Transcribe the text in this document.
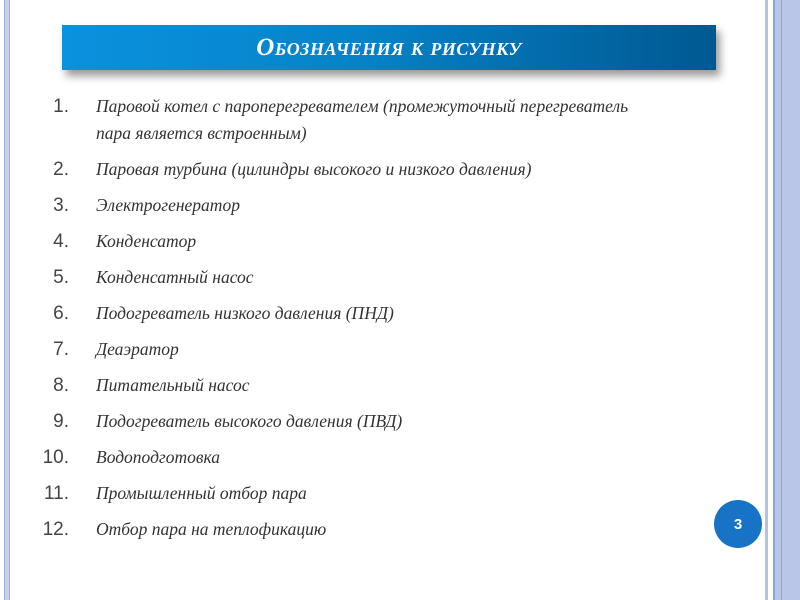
Обозначения к рисунку
1.	Паровой котел с пароперегревателем (промежуточный перегреватель пара является встроенным)
2.	Паровая турбина (цилиндры высокого и низкого давления)
3.	Электрогенератор
4.	Конденсатор
5.	Конденсатный насос
6.	Подогреватель низкого давления (ПНД)
7.	Деаэратор
8.	Питательный насос
9.	Подогреватель высокого давления (ПВД)
10.	Водоподготовка
11.	Промышленный отбор пара
12.	Отбор пара на теплофикацию	3
